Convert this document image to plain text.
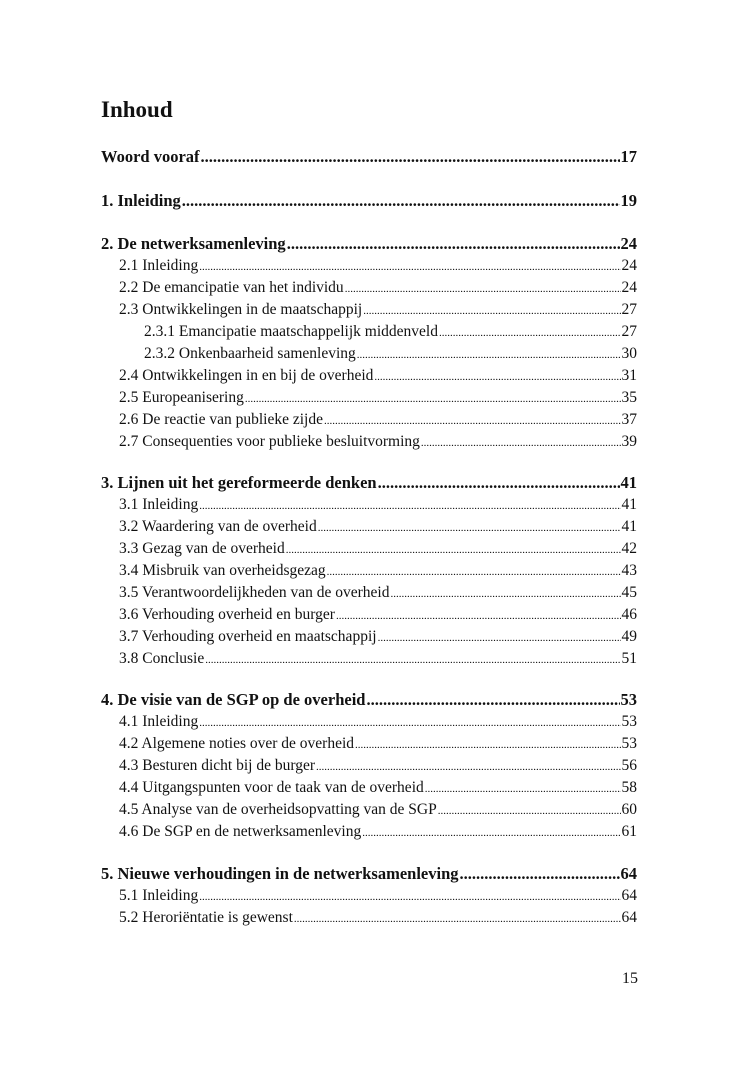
Inhoud
Woord vooraf .....	17
1. Inleiding .....	19
2. De netwerksamenleving .....	24
2.1 Inleiding .....	24
2.2 De emancipatie van het individu .....	24
2.3 Ontwikkelingen in de maatschappij .....	27
2.3.1 Emancipatie maatschappelijk middenveld .....	27
2.3.2 Onkenbaarheid samenleving .....	30
2.4 Ontwikkelingen in en bij de overheid .....	31
2.5 Europeanisering .....	35
2.6 De reactie van publieke zijde .....	37
2.7 Consequenties voor publieke besluitvorming .....	39
3. Lijnen uit het gereformeerde denken .....	41
3.1 Inleiding .....	41
3.2 Waardering van de overheid .....	41
3.3 Gezag van de overheid .....	42
3.4 Misbruik van overheidsgezag .....	43
3.5 Verantwoordelijkheden van de overheid .....	45
3.6 Verhouding overheid en burger .....	46
3.7 Verhouding overheid en maatschappij .....	49
3.8 Conclusie .....	51
4. De visie van de SGP op de overheid .....	53
4.1 Inleiding .....	53
4.2 Algemene noties over de overheid .....	53
4.3 Besturen dicht bij de burger .....	56
4.4 Uitgangspunten voor de taak van de overheid .....	58
4.5 Analyse van de overheidsopvatting van de SGP .....	60
4.6 De SGP en de netwerksamenleving .....	61
5. Nieuwe verhoudingen in de netwerksamenleving .....	64
5.1 Inleiding .....	64
5.2 Heroriëntatie is gewenst .....	64
15
